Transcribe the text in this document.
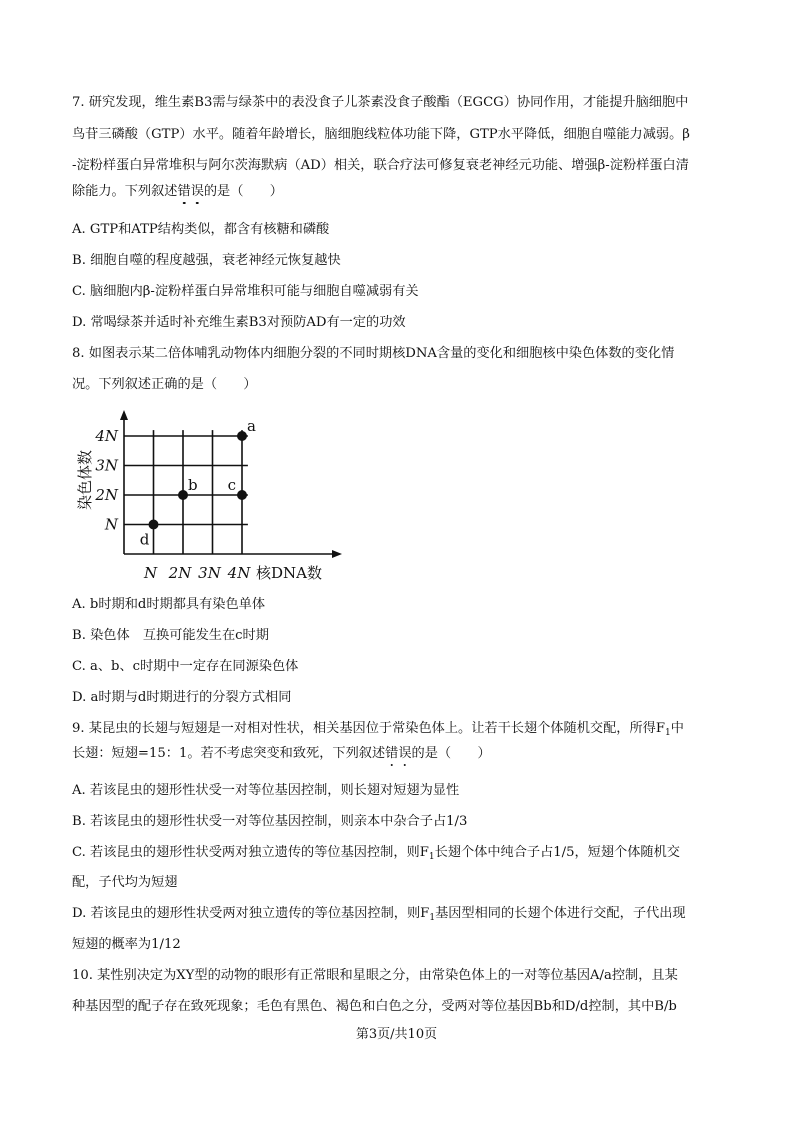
7. 研究发现，维生素B3需与绿茶中的表没食子儿茶素没食子酸酯（EGCG）协同作用，才能提升脑细胞中
鸟苷三磷酸（GTP）水平。随着年龄增长，脑细胞线粒体功能下降，GTP水平降低，细胞自噬能力减弱。β
-淀粉样蛋白异常堆积与阿尔茨海默病（AD）相关，联合疗法可修复衰老神经元功能、增强β-淀粉样蛋白清
除能力。下列叙述错误的是（　　）
A. GTP和ATP结构类似，都含有核糖和磷酸
B. 细胞自噬的程度越强，衰老神经元恢复越快
C. 脑细胞内β-淀粉样蛋白异常堆积可能与细胞自噬减弱有关
D. 常喝绿茶并适时补充维生素B3对预防AD有一定的功效
8. 如图表示某二倍体哺乳动物体内细胞分裂的不同时期核DNA含量的变化和细胞核中染色体数的变化情
况。下列叙述正确的是（　　）
N
2N
3N
4N
N 2N 3N 4N
a
b c
d
核DNA数
染色体数
A. b时期和d时期都具有染色单体
B. 染色体　互换可能发生在c时期
C. a、b、c时期中一定存在同源染色体
D. a时期与d时期进行的分裂方式相同
9. 某昆虫的长翅与短翅是一对相对性状，相关基因位于常染色体上。让若干长翅个体随机交配，所得$F_1$中
长翅：短翅=15：1。若不考虑突变和致死，下列叙述错误的是（　　）
A. 若该昆虫的翅形性状受一对等位基因控制，则长翅对短翅为显性
B. 若该昆虫的翅形性状受一对等位基因控制，则亲本中杂合子占1/3
C. 若该昆虫的翅形性状受两对独立遗传的等位基因控制，则$F_1$长翅个体中纯合子占1/5，短翅个体随机交
配，子代均为短翅
D. 若该昆虫的翅形性状受两对独立遗传的等位基因控制，则$F_1$基因型相同的长翅个体进行交配，子代出现
短翅的概率为1/12
10. 某性别决定为XY型的动物的眼形有正常眼和星眼之分，由常染色体上的一对等位基因A/a控制，且某
种基因型的配子存在致死现象；毛色有黑色、褐色和白色之分，受两对等位基因Bb和D/d控制，其中B/b
第3页/共10页
